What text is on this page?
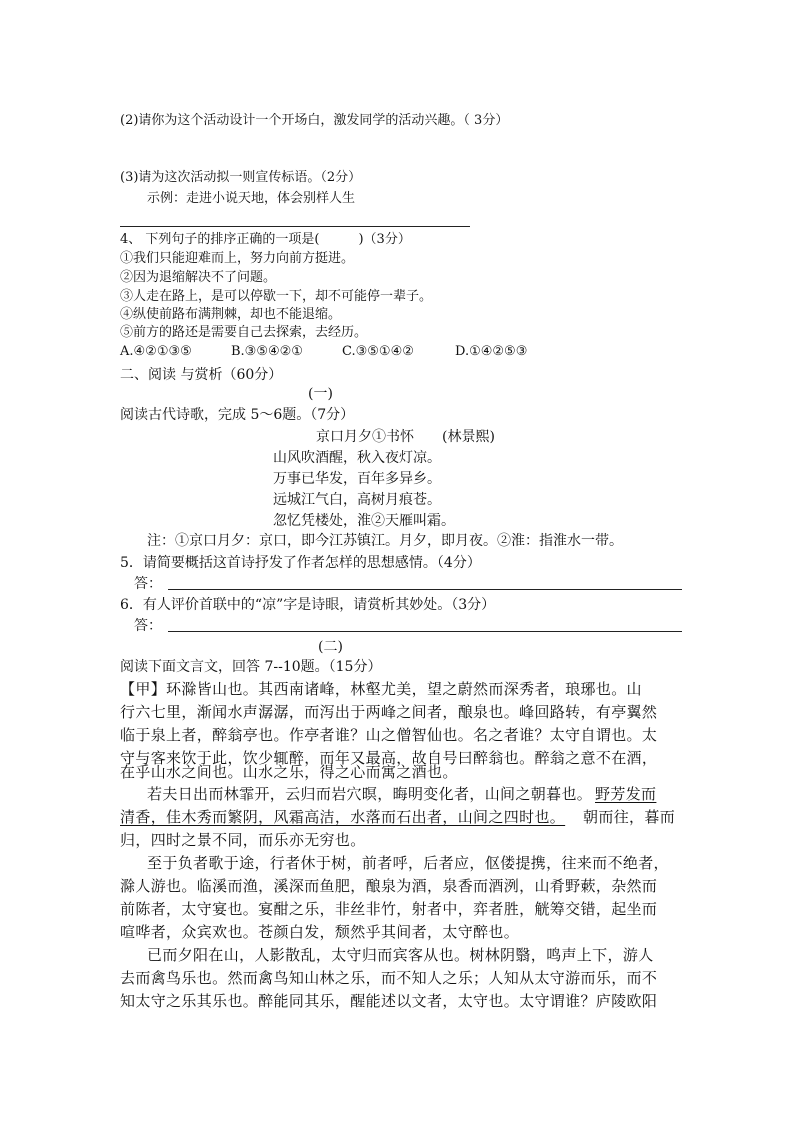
(2)请你为这个活动设计一个开场白，激发同学的活动兴趣。（ 3分）
(3)请为这次活动拟一则宣传标语。（2分）
示例：走进小说天地，体会别样人生
4、 下列句子的排序正确的一项是(　　　)（3分）
①我们只能迎难而上，努力向前方挺进。
②因为退缩解决不了问题。
③人走在路上，是可以停歇一下，却不可能停一辈子。
④纵使前路布满荆棘，却也不能退缩。
⑤前方的路还是需要自己去探索，去经历。
A.④②①③⑤	B.③⑤④②①	C.③⑤①④②	D.①④②⑤③
二、阅读 与赏析（60分）
(一)
阅读古代诗歌，完成 5～6题。（7分）
京口月夕①书怀　　(林景熙)
山风吹酒醒，秋入夜灯凉。
万事已华发，百年多异乡。
远城江气白，高树月痕苍。
忽忆凭楼处，淮②天雁叫霜。
注：①京口月夕：京口，即今江苏镇江。月夕，即月夜。②淮：指淮水一带。
5．请简要概括这首诗抒发了作者怎样的思想感情。（4分）
答：
6．有人评价首联中的“凉”字是诗眼，请赏析其妙处。（3分）
答：
(二)
阅读下面文言文，回答 7--10题。（15分）
【甲】环滁皆山也。其西南诸峰，林壑尤美，望之蔚然而深秀者，琅琊也。山
行六七里，渐闻水声潺潺，而泻出于两峰之间者，酿泉也。峰回路转，有亭翼然
临于泉上者，醉翁亭也。作亭者谁？山之僧智仙也。名之者谁？太守自谓也。太
守与客来饮于此，饮少辄醉，而年又最高，故自号曰醉翁也。醉翁之意不在酒，
在乎山水之间也。山水之乐，得之心而寓之酒也。
若夫日出而林霏开，云归而岩穴暝，晦明变化者，山间之朝暮也。 野芳发而
清香，佳木秀而繁阴，风霜高洁，水落而石出者，山间之四时也。 朝而往，暮而
归，四时之景不同，而乐亦无穷也。
至于负者歌于途，行者休于树，前者呼，后者应，伛偻提携，往来而不绝者，
滁人游也。临溪而渔，溪深而鱼肥，酿泉为酒，泉香而酒洌，山肴野蔌，杂然而
前陈者，太守宴也。宴酣之乐，非丝非竹，射者中，弈者胜，觥筹交错，起坐而
喧哗者，众宾欢也。苍颜白发，颓然乎其间者，太守醉也。
已而夕阳在山，人影散乱，太守归而宾客从也。树林阴翳，鸣声上下，游人
去而禽鸟乐也。然而禽鸟知山林之乐，而不知人之乐；人知从太守游而乐，而不
知太守之乐其乐也。醉能同其乐，醒能述以文者，太守也。太守谓谁？庐陵欧阳
